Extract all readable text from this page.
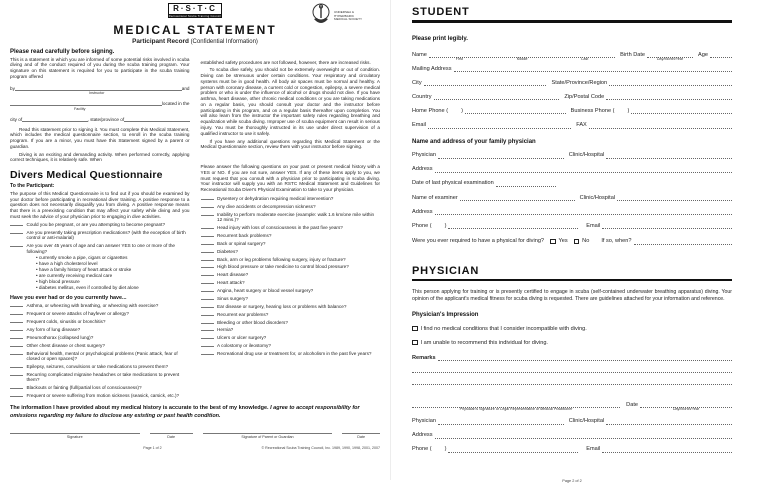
R·S·T·C
Recreational Scuba Training Council
MEDICAL STATEMENT
Participant Record (Confidential Information)
UNDERSEA & HYPERBARIC MEDICAL SOCIETY
Please read carefully before signing.
This is a statement in which you are informed of some potential risks involved in scuba diving and of the conduct required of you during the scuba training program. Your signature on this statement is required for you to participate in the scuba training program offered
by	and
Instructor
located in the
Facility
city of	, state/province of
Read this statement prior to signing it. You must complete this Medical Statement, which includes the medical questionnaire section, to enroll in the scuba training program. If you are a minor, you must have this Statement signed by a parent or guardian.
Diving is an exciting and demanding activity. When performed correctly, applying correct techniques, it is relatively safe. When
Divers Medical Questionnaire
To the Participant:
The purpose of this Medical Questionnaire is to find out if you should be examined by your doctor before participating in recreational diver training. A positive response to a question does not necessarily disqualify you from diving. A positive response means that there is a preexisting condition that may affect your safety while diving and you must seek the advice of your physician prior to engaging in dive activities.
Could you be pregnant, or are you attempting to become pregnant?
Are you presently taking prescription medications? (with the exception of birth control or anti-malarial)
Are you over 45 years of age and can answer YES to one or more of the following?
• currently smoke a pipe, cigars or cigarettes
• have a high cholesterol level
• have a family history of heart attack or stroke
• are currently receiving medical care
• high blood pressure
• diabetes mellitus, even if controlled by diet alone
Have you ever had or do you currently have...
Asthma, or wheezing with breathing, or wheezing with exercise?
Frequent or severe attacks of hayfever or allergy?
Frequent colds, sinusitis or bronchitis?
Any form of lung disease?
Pneumothorax (collapsed lung)?
Other chest disease or chest surgery?
Behavioral health, mental or psychological problems (Panic attack, fear of closed or open spaces)?
Epilepsy, seizures, convulsions or take medications to prevent them?
Recurring complicated migraine headaches or take medications to prevent them?
Blackouts or fainting (full/partial loss of consciousness)?
Frequent or severe suffering from motion sickness (seasick, carsick, etc.)?
established safety procedures are not followed, however, there are increased risks.
To scuba dive safely, you should not be extremely overweight or out of condition. Diving can be strenuous under certain conditions. Your respiratory and circulatory systems must be in good health. All body air spaces must be normal and healthy. A person with coronary disease, a current cold or congestion, epilepsy, a severe medical problem or who is under the influence of alcohol or drugs should not dive. If you have asthma, heart disease, other chronic medical conditions or you are taking medications on a regular basis, you should consult your doctor and the instructor before participating in this program, and on a regular basis thereafter upon completion. You will also learn from the instructor the important safety rules regarding breathing and equalization while scuba diving. Improper use of scuba equipment can result in serious injury. You must be thoroughly instructed in its use under direct supervision of a qualified instructor to use it safely.
If you have any additional questions regarding this Medical Statement or the Medical Questionnaire section, review them with your instructor before signing.
Please answer the following questions on your past or present medical history with a YES or NO. If you are not sure, answer YES. If any of these items apply to you, we must request that you consult with a physician prior to participating in scuba diving. Your instructor will supply you with an RSTC Medical Statement and Guidelines for Recreational Scuba Diver's Physical Examination to take to your physician.
Dysentery or dehydration requiring medical intervention?
Any dive accidents or decompression sickness?
Inability to perform moderate exercise (example: walk 1.6 km/one mile within 12 mins.)?
Head injury with loss of consciousness in the past five years?
Recurrent back problems?
Back or spinal surgery?
Diabetes?
Back, arm or leg problems following surgery, injury or fracture?
High blood pressure or take medicine to control blood pressure?
Heart disease?
Heart attack?
Angina, heart surgery or blood vessel surgery?
Sinus surgery?
Ear disease or surgery, hearing loss or problems with balance?
Recurrent ear problems?
Bleeding or other blood disorders?
Hernia?
Ulcers or ulcer surgery?
A colostomy or ileostomy?
Recreational drug use or treatment for, or alcoholism in the past five years?
The information I have provided about my medical history is accurate to the best of my knowledge. I agree to accept responsibility for omissions regarding my failure to disclose any existing or past health condition.
Signature	Date	Signature of Parent or Guardian	Date
Page 1 of 2	© Recreational Scuba Training Council, Inc. 1989, 1990, 1998, 2001, 2007
STUDENT
Please print legibly.
Name
First	Middle	Last
Birth Date
Day/Month/Year
Age
Mailing Address
City	State/Province/Region
Country	Zip/Postal Code
Home Phone ( )	Business Phone ( )
Email	FAX
Name and address of your family physician
Physician	Clinic/Hospital
Address
Date of last physical examination
Name of examiner	Clinic/Hospital
Address
Phone ( )	Email
Were you ever required to have a physical for diving?	Yes	No If so, when?
PHYSICIAN
This person applying for training or is presently certified to engage in scuba (self-contained underwater breathing apparatus) diving. Your opinion of the applicant's medical fitness for scuba diving is requested. There are guidelines attached for your information and reference.
Physician's Impression
I find no medical conditions that I consider incompatible with diving.
I am unable to recommend this individual for diving.
Remarks
Physician's Signature or Legal Representative of Medical Practitioner
Date
Day/Month/Year
Physician	Clinic/Hospital
Address
Phone ( )	Email
Page 2 of 2
